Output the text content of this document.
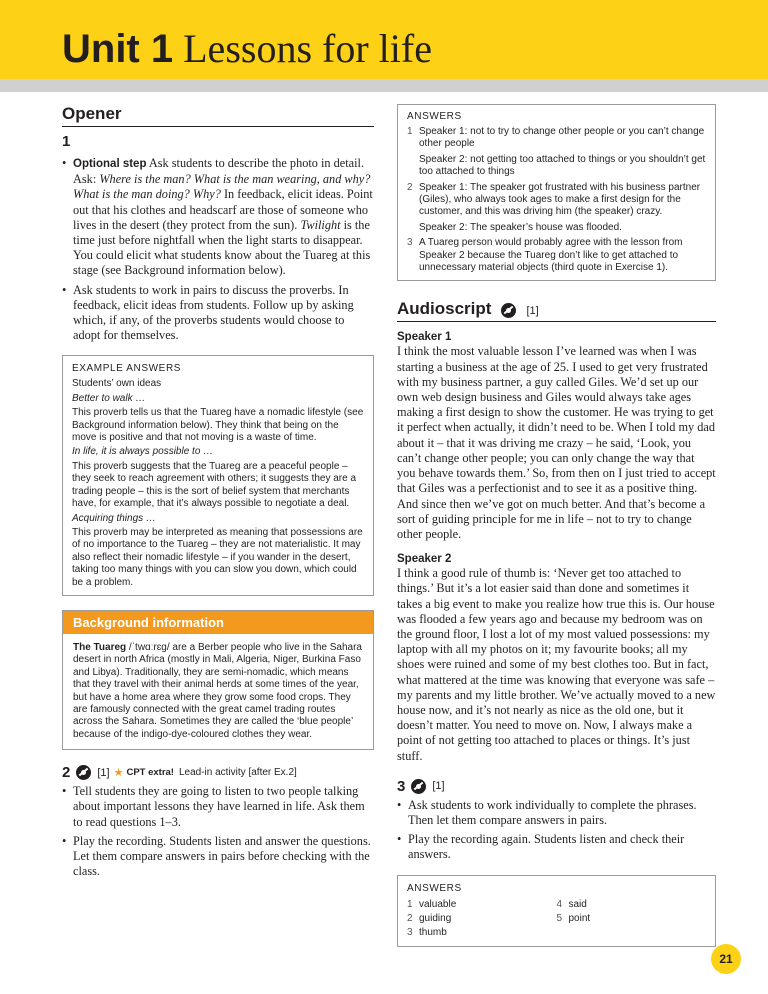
Unit 1 Lessons for life
Opener
1
• Optional step Ask students to describe the photo in detail. Ask: Where is the man? What is the man wearing, and why? What is the man doing? Why? In feedback, elicit ideas. Point out that his clothes and headscarf are those of someone who lives in the desert (they protect from the sun). Twilight is the time just before nightfall when the light starts to disappear. You could elicit what students know about the Tuareg at this stage (see Background information below).
• Ask students to work in pairs to discuss the proverbs. In feedback, elicit ideas from students. Follow up by asking which, if any, of the proverbs students would choose to adopt for themselves.
EXAMPLE ANSWERS

Students’ own ideas

Better to walk …

This proverb tells us that the Tuareg have a nomadic lifestyle (see Background information below). They think that being on the move is positive and that not moving is a waste of time.

In life, it is always possible to …

This proverb suggests that the Tuareg are a peaceful people – they seek to reach agreement with others; it suggests they are a trading people – this is the sort of belief system that merchants have, for example, that it’s always possible to negotiate a deal.

Acquiring things …

This proverb may be interpreted as meaning that possessions are of no importance to the Tuareg – they are not materialistic. It may also reflect their nomadic lifestyle – if you wander in the desert, taking too many things with you can slow you down, which could be a problem.

Background information
The Tuareg /ˈtwɑːrɛɡ/ are a Berber people who live in the Sahara desert in north Africa (mostly in Mali, Algeria, Niger, Burkina Faso and Libya). Traditionally, they are semi-nomadic, which means that they travel with their animal herds at some times of the year, but have a home area where they grow some food crops. They are famously connected with the great camel trading routes across the Sahara. Sometimes they are called the ‘blue people’ because of the indigo-dye-coloured clothes they wear.
2 [1] ★ CPT extra! Lead-in activity [after Ex.2]
• Tell students they are going to listen to two people talking about important lessons they have learned in life. Ask them to read questions 1–3.
• Play the recording. Students listen and answer the questions. Let them compare answers in pairs before checking with the class.
ANSWERS
1 Speaker 1: not to try to change other people or you can’t change other people

Speaker 2: not getting too attached to things or you shouldn’t get too attached to things

2 Speaker 1: The speaker got frustrated with his business partner (Giles), who always took ages to make a first design for the customer, and this was driving him (the speaker) crazy.

Speaker 2: The speaker’s house was flooded.

3 A Tuareg person would probably agree with the lesson from Speaker 2 because the Tuareg don’t like to get attached to unnecessary material objects (third quote in Exercise 1).

Audioscript	[1]
Speaker 1
I think the most valuable lesson I’ve learned was when I was starting a business at the age of 25. I used to get very frustrated with my business partner, a guy called Giles. We’d set up our own web design business and Giles would always take ages making a first design to show the customer. He was trying to get it perfect when actually, it didn’t need to be. When I told my dad about it – that it was driving me crazy – he said, ‘Look, you can’t change other people; you can only change the way that you behave towards them.’ So, from then on I just tried to accept that Giles was a perfectionist and to see it as a positive thing. And since then we’ve got on much better. And that’s become a sort of guiding principle for me in life – not to try to change other people.
Speaker 2
I think a good rule of thumb is: ‘Never get too attached to things.’ But it’s a lot easier said than done and sometimes it takes a big event to make you realize how true this is. Our house was flooded a few years ago and because my bedroom was on the ground floor, I lost a lot of my most valued possessions: my laptop with all my photos on it; my favourite books; all my shoes were ruined and some of my best clothes too. But in fact, what mattered at the time was knowing that everyone was safe – my parents and my little brother. We’ve actually moved to a new house now, and it’s not nearly as nice as the old one, but it doesn’t matter. You need to move on. Now, I always make a point of not getting too attached to places or things. It’s just stuff.
3 [1]
• Ask students to work individually to complete the phrases. Then let them compare answers in pairs.
• Play the recording again. Students listen and check their answers.
ANSWERS
1 valuable
2 guiding
3 thumb
4 said
5 point
21
